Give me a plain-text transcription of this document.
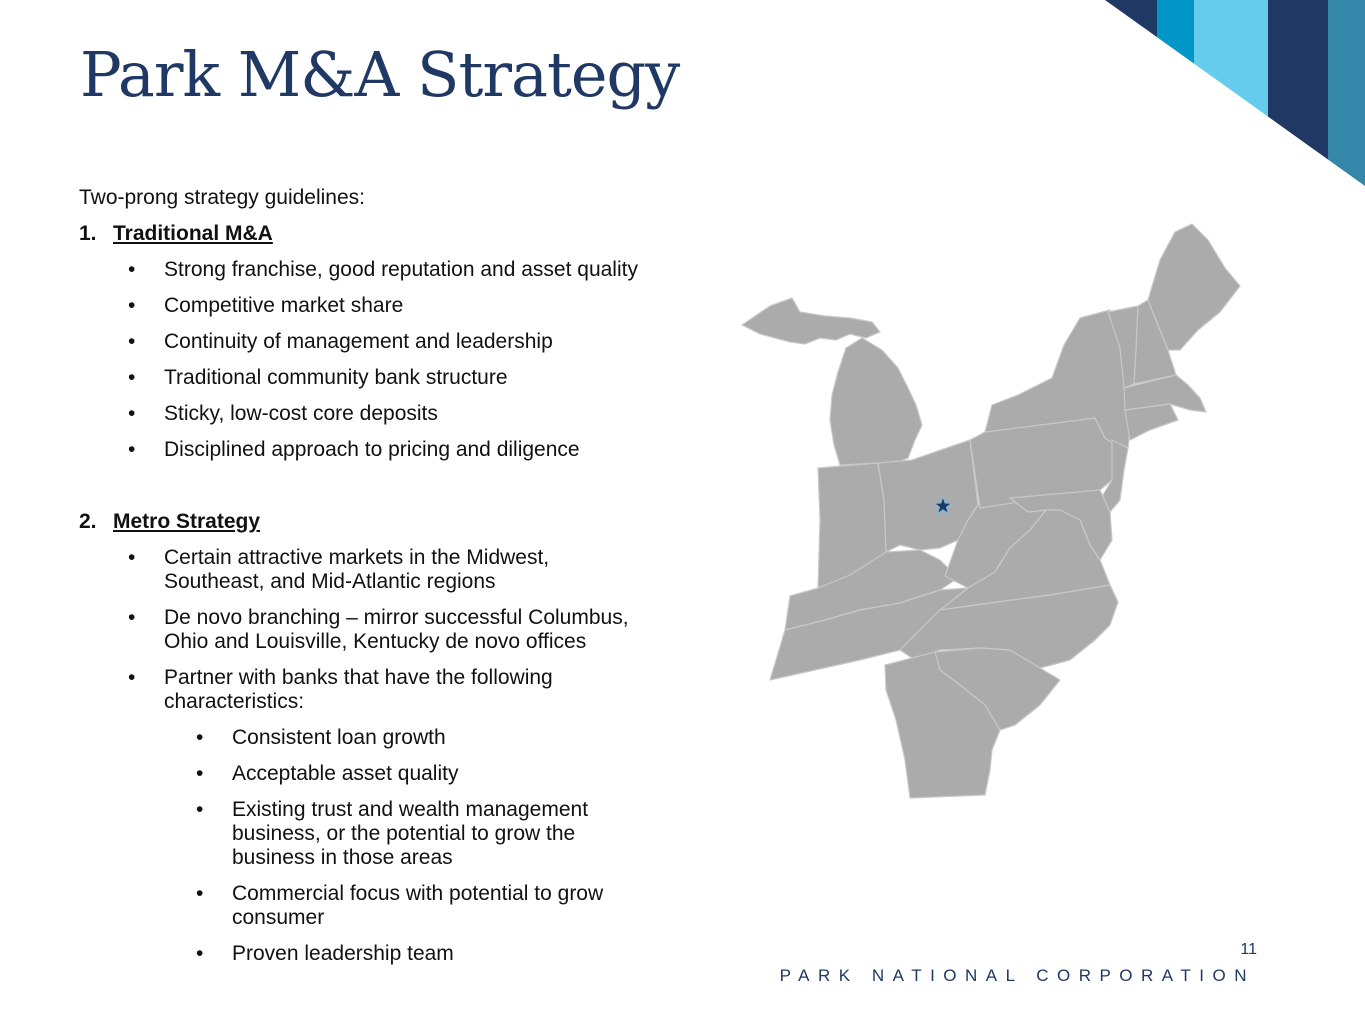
Park M&A Strategy

Two-prong strategy guidelines:

1. Traditional M&A
•	Strong franchise, good reputation and asset quality
•	Competitive market share
•	Continuity of management and leadership
•	Traditional community bank structure
•	Sticky, low-cost core deposits
•	Disciplined approach to pricing and diligence
2. Metro Strategy
•	Certain attractive markets in the Midwest, Southeast, and Mid-Atlantic regions
•	De novo branching – mirror successful Columbus, Ohio and Louisville, Kentucky de novo offices
•	Partner with banks that have the following characteristics:
•	Consistent loan growth
•	Acceptable asset quality
•	Existing trust and wealth management business, or the potential to grow the business in those areas
•	Commercial focus with potential to grow consumer
•	Proven leadership team	11
PARK NATIONAL CORPORATION
